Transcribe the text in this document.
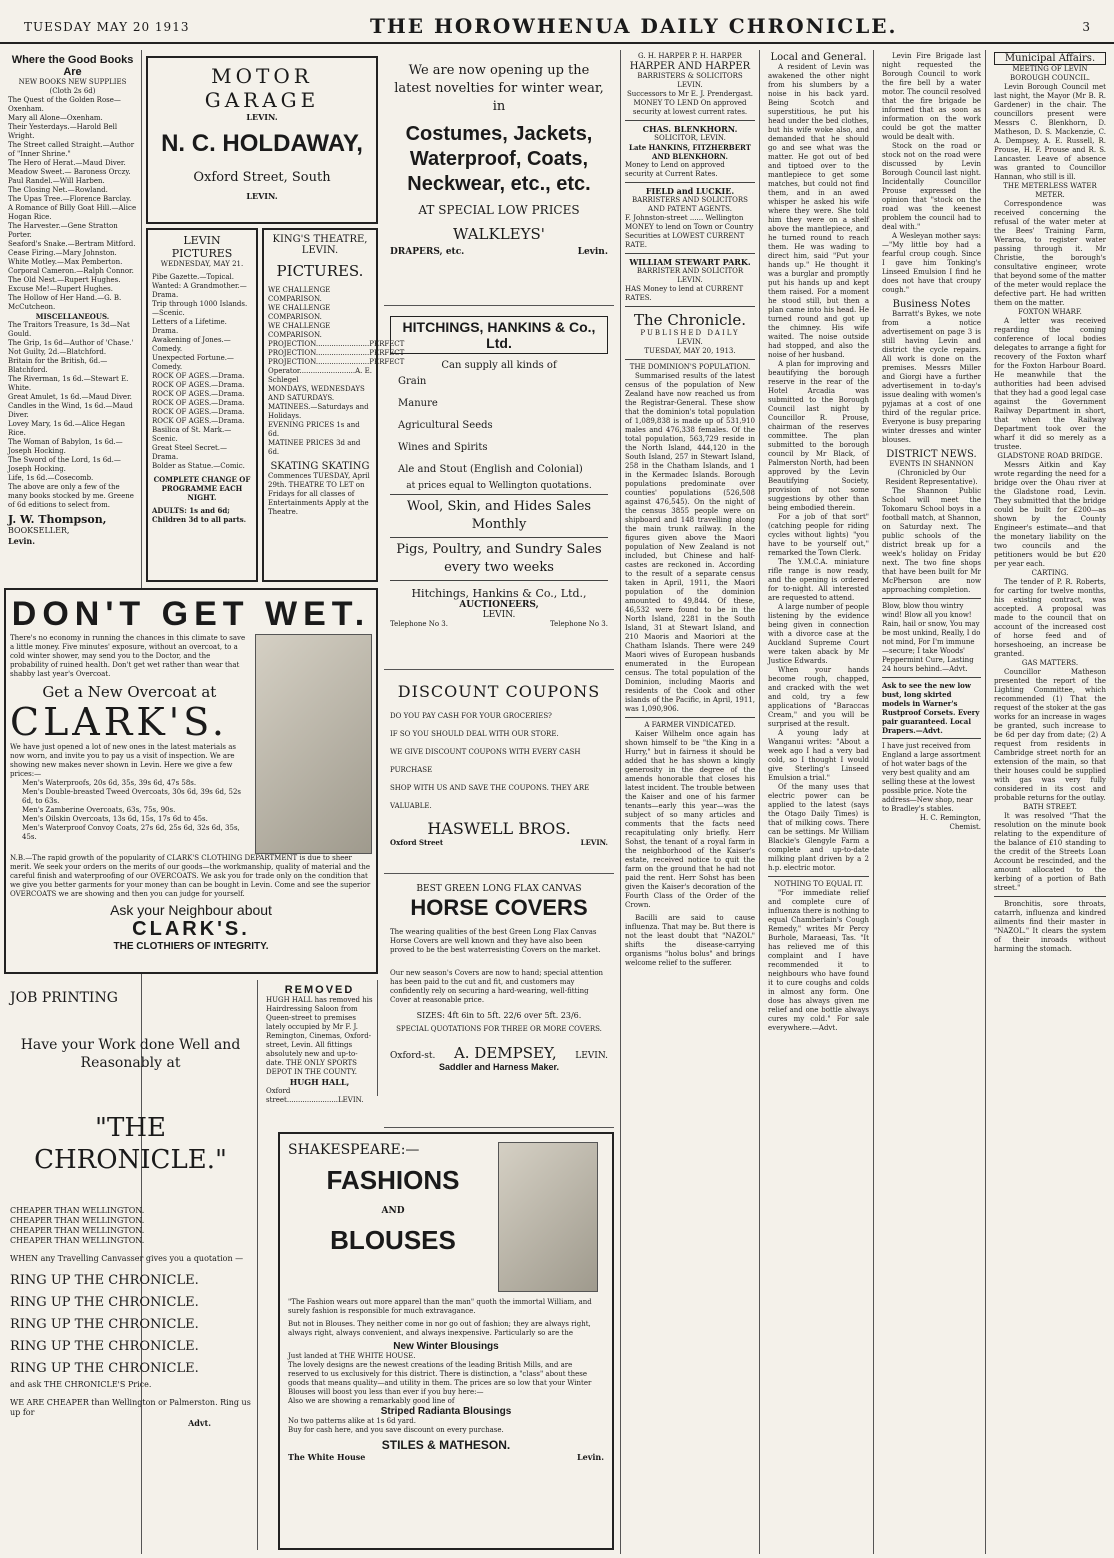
TUESDAY MAY 20 1913	THE HOROWHENUA DAILY CHRONICLE.	3
Where the Good Books Are
NEW BOOKS NEW SUPPLIES (Cloth 2s 6d)
The Quest of the Golden Rose—Oxenham.
Mary all Alone—Oxenham.
Their Yesterdays.—Harold Bell Wright.
The Street called Straight.—Author of "Inner Shrine."
The Hero of Herat.—Maud Diver.
Meadow Sweet.— Baroness Orczy.
Paul Randel.—Will Harben.
The Closing Net.—Rowland.
The Upas Tree.—Florence Barclay.
A Romance of Billy Goat Hill.—Alice Hogan Rice.
The Harvester.—Gene Stratton Porter.
Seaford's Snake.—Bertram Mitford.
Cease Firing.—Mary Johnston.
White Motley.—Max Pemberton.
Corporal Cameron.—Ralph Connor.
The Old Nest.—Rupert Hughes.
Excuse Me!—Rupert Hughes.
The Hollow of Her Hand.—G. B. McCutcheon.
MISCELLANEOUS.
The Traitors Treasure, 1s 3d—Nat Gould.
The Grip, 1s 6d—Author of 'Chase.'
Not Guilty, 2d.—Blatchford.
Britain for the British, 6d.—Blatchford.
The Riverman, 1s 6d.—Stewart E. White.
Great Amulet, 1s 6d.—Maud Diver.
Candles in the Wind, 1s 6d.—Maud Diver.
Lovey Mary, 1s 6d.—Alice Hegan Rice.
The Woman of Babylon, 1s 6d.—Joseph Hocking.
The Sword of the Lord, 1s 6d.—Joseph Hocking.
Life, 1s 6d.—Cosecomb.
The above are only a few of the many books stocked by me. Greene of 6d editions to select from.
J. W. Thompson,
BOOKSELLER,
Levin.
DON'T GET WET.
There's no economy in running the chances in this climate to save a little money. Five minutes' exposure, without an overcoat, to a cold winter shower, may send you to the Doctor, and the probability of ruined health. Don't get wet rather than wear that shabby last year's Overcoat.
Get a New Overcoat at
CLARK'S.
We have just opened a lot of new ones in the latest materials as now worn, and invite you to pay us a visit of inspection. We are showing new makes never shown in Levin. Here we give a few prices:—
Men's Waterproofs, 20s 6d, 35s, 39s 6d, 47s 58s.
Men's Double-breasted Tweed Overcoats, 30s 6d, 39s 6d, 52s 6d, to 63s.
Men's Zamberine Overcoats, 63s, 75s, 90s.
Men's Oilskin Overcoats, 13s 6d, 15s, 17s 6d to 45s.
Men's Waterproof Convoy Coats, 27s 6d, 25s 6d, 32s 6d, 35s, 45s.
N.B.—The rapid growth of the popularity of CLARK'S CLOTHING DEPARTMENT is due to sheer merit. We seek your orders on the merits of our goods—the workmanship, quality of material and the careful finish and waterproofing of our OVERCOATS. We ask you for trade only on the condition that we give you better garments for your money than can be bought in Levin. Come and see the superior OVERCOATS we are showing and then you can judge for yourself.
Ask your Neighbour about
CLARK'S.
THE CLOTHIERS OF INTEGRITY.
JOB PRINTING
Have your Work done Well and Reasonably at
"THE CHRONICLE."
CHEAPER THAN WELLINGTON.
CHEAPER THAN WELLINGTON.
CHEAPER THAN WELLINGTON.
CHEAPER THAN WELLINGTON.
WHEN any Travelling Canvasser gives you a quotation —
RING UP THE CHRONICLE.
RING UP THE CHRONICLE.
RING UP THE CHRONICLE.
RING UP THE CHRONICLE.
RING UP THE CHRONICLE.
and ask THE CHRONICLE'S Price.
WE ARE CHEAPER than Wellington or Palmerston. Ring us up for
Advt.
MOTOR GARAGE
LEVIN.
N. C. HOLDAWAY,
Oxford Street, South
LEVIN.
LEVIN PICTURES
WEDNESDAY, MAY 21.
Pibe Gazette.—Topical.
Wanted: A Grandmother.—Drama.
Trip through 1000 Islands.—Scenic.
Letters of a Lifetime. Drama.
Awakening of Jones.—Comedy.
Unexpected Fortune.—Comedy.
ROCK OF AGES.—Drama.
ROCK OF AGES.—Drama.
ROCK OF AGES.—Drama.
ROCK OF AGES.—Drama.
ROCK OF AGES.—Drama.
ROCK OF AGES.—Drama.
Basilica of St. Mark.—Scenic.
Great Steel Secret.—Drama.
Bolder as Statue.—Comic.
COMPLETE CHANGE OF PROGRAMME EACH NIGHT.
ADULTS: 1s and 6d; Children 3d to all parts.
KING'S THEATRE, LEVIN.
PICTURES.
WE CHALLENGE COMPARISON.
WE CHALLENGE COMPARISON.
WE CHALLENGE COMPARISON.
PROJECTION........................PERFECT
PROJECTION........................PERFECT
PROJECTION........................PERFECT
Operator.........................A. E. Schlegel
MONDAYS, WEDNESDAYS AND SATURDAYS.
MATINEES.—Saturdays and Holidays.
EVENING PRICES 1s and 6d.
MATINEE PRICES 3d and 6d.
SKATING SKATING
Commences TUESDAY, April 29th. THEATRE TO LET on Fridays for all classes of Entertainments Apply at the Theatre.
REMOVED
HUGH HALL has removed his Hairdressing Saloon from Queen-street to premises lately occupied by Mr F. J. Remington, Cinemas, Oxford-street, Levin. All fittings absolutely new and up-to-date. THE ONLY SPORTS DEPOT IN THE COUNTY.
HUGH HALL,
Oxford street.......................LEVIN.
We are now opening up the latest novelties for winter wear, in
Costumes, Jackets, Waterproof, Coats, Neckwear, etc., etc.
AT SPECIAL LOW PRICES
WALKLEYS'
DRAPERS, etc.	Levin.
HITCHINGS, HANKINS & Co., Ltd.
Can supply all kinds of
Grain
Manure
Agricultural Seeds
Wines and Spirits
Ale and Stout (English and Colonial)
at prices equal to Wellington quotations.
Wool, Skin, and Hides Sales Monthly
Pigs, Poultry, and Sundry Sales every two weeks
Hitchings, Hankins & Co., Ltd.,
AUCTIONEERS,
LEVIN.
Telephone No 3.	Telephone No 3.
DISCOUNT COUPONS
DO YOU PAY CASH FOR YOUR GROCERIES?
IF SO YOU SHOULD DEAL WITH OUR STORE.
WE GIVE DISCOUNT COUPONS WITH EVERY CASH PURCHASE
SHOP WITH US AND SAVE THE COUPONS. THEY ARE VALUABLE.
HASWELL BROS.
Oxford Street	LEVIN.
BEST GREEN LONG FLAX CANVAS
HORSE COVERS
The wearing qualities of the best Green Long Flax Canvas Horse Covers are well known and they have also been proved to be the best waterresisting Covers on the market.
Our new season's Covers are now to hand; special attention has been paid to the cut and fit, and customers may confidently rely on securing a hard-wearing, well-fitting Cover at reasonable price.
SIZES: 4ft 6in to 5ft. 22/6 over 5ft. 23/6.
SPECIAL QUOTATIONS FOR THREE OR MORE COVERS.
Oxford-st. A. DEMPSEY, LEVIN.
Saddler and Harness Maker.
SHAKESPEARE:—
FASHIONS
AND
BLOUSES
"The Fashion wears out more apparel than the man" quoth the immortal William, and surely fashion is responsible for much extravagance.
But not in Blouses. They neither come in nor go out of fashion; they are always right, always right, always convenient, and always inexpensive. Particularly so are the
New Winter Blousings
Just landed at THE WHITE HOUSE.
The lovely designs are the newest creations of the leading British Mills, and are reserved to us exclusively for this district. There is distinction, a "class" about these goods that means quality—and utility in them. The prices are so low that your Winter Blouses will boost you less than ever if you buy here:—
Also we are showing a remarkably good line of
Striped Radianta Blousings
No two patterns alike at 1s 6d yard.
Buy for cash here, and you save discount on every purchase.
STILES & MATHESON.
The White House	Levin.
G. H. HARPER P. H. HARPER
HARPER AND HARPER
BARRISTERS & SOLICITORS LEVIN.
Successors to Mr E. J. Prendergast. MONEY TO LEND On approved security at lowest current rates.
CHAS. BLENKHORN.
SOLICITOR, LEVIN.
Late HANKINS, FITZHERBERT AND BLENKHORN.
Money to Lend on approved security at Current Rates.
FIELD and LUCKIE.
BARRISTERS AND SOLICITORS AND PATENT AGENTS.
F. Johnston-street ...... Wellington MONEY to lend on Town or Country Securities at LOWEST CURRENT RATE.
WILLIAM STEWART PARK.
BARRISTER AND SOLICITOR LEVIN.
HAS Money to lend at CURRENT RATES.
The Chronicle.
PUBLISHED DAILY
LEVIN.
TUESDAY, MAY 20, 1913.
THE DOMINION'S POPULATION.
Summarised results of the latest census of the population of New Zealand have now reached us from the Registrar-General. These show that the dominion's total population of 1,089,838 is made up of 531,910 males and 476,338 females. Of the total population, 563,729 reside in the North Island, 444,120 in the South Island, 257 in Stewart Island, 258 in the Chatham Islands, and 1 in the Kermadec Islands. Borough populations predominate over counties' populations (526,508 against 476,545). On the night of the census 3855 people were on shipboard and 148 travelling along the main trunk railway. In the figures given above the Maori population of New Zealand is not included, but Chinese and half-castes are reckoned in. According to the result of a separate census taken in April, 1911, the Maori population of the dominion amounted to 49,844. Of these, 46,532 were found to be in the North Island, 2281 in the South Island, 31 at Stewart Island, and 210 Maoris and Maoriori at the Chatham Islands. There were 249 Maori wives of European husbands enumerated in the European census. The total population of the Dominion, including Maoris and residents of the Cook and other islands of the Pacific, in April, 1911, was 1,090,906.
A FARMER VINDICATED.
Kaiser Wilhelm once again has shown himself to be "the King in a Hurry," but in fairness it should be added that he has shown a kingly generosity in the degree of the amends honorable that closes his latest incident. The trouble between the Kaiser and one of his farmer tenants—early this year—was the subject of so many articles and comments that the facts need recapitulating only briefly. Herr Sohst, the tenant of a royal farm in the neighborhood of the Kaiser's estate, received notice to quit the farm on the ground that he had not paid the rent. Herr Sohst has been given the Kaiser's decoration of the Fourth Class of the Order of the Crown.
Bacilli are said to cause influenza. That may be. But there is not the least doubt that "NAZOL" shifts the disease-carrying organisms "holus bolus" and brings welcome relief to the sufferer.
Local and General.
A resident of Levin was awakened the other night from his slumbers by a noise in his back yard. Being Scotch and superstitious, he put his head under the bed clothes, but his wife woke also, and demanded that he should go and see what was the matter. He got out of bed and tiptoed over to the mantlepiece to get some matches, but could not find them, and in an awed whisper he asked his wife where they were. She told him they were on a shelf above the mantlepiece, and he turned round to reach them. He was wading to direct him, said "Put your hands up." He thought it was a burglar and promptly put his hands up and kept them raised. For a moment he stood still, but then a plan came into his head. He turned round and got up the chimney. His wife waited. The noise outside had stopped, and also the noise of her husband.
A plan for improving and beautifying the borough reserve in the rear of the Hotel Arcadia was submitted to the Borough Council last night by Councillor R. Prouse, chairman of the reserves committee. The plan submitted to the borough council by Mr Black, of Palmerston North, had been approved by the Levin Beautifying Society, provision of not some suggestions by other than being embodied therein.
For a job of that sort" (catching people for riding cycles without lights) "you have to be yourself out," remarked the Town Clerk.
The Y.M.C.A. miniature rifle range is now ready, and the opening is ordered for to-night. All interested are requested to attend.
A large number of people listening by the evidence being given in connection with a divorce case at the Auckland Supreme Court were taken aback by Mr Justice Edwards.
When your hands become rough, chapped, and cracked with the wet and cold, try a few applications of "Baraccas Cream," and you will be surprised at the result.
A young lady at Wanganui writes: "About a week ago I had a very bad cold, so I thought I would give Sterling's Linseed Emulsion a trial."
Of the many uses that electric power can be applied to the latest (says the Otago Daily Times) is that of milking cows. There can be settings. Mr William Blackie's Glengyle Farm a complete and up-to-date milking plant driven by a 2 h.p. electric motor.
NOTHING TO EQUAL IT.
"For immediate relief and complete cure of influenza there is nothing to equal Chamberlain's Cough Remedy," writes Mr Percy Burhole, Maraeasi, Tas. "It has relieved me of this complaint and I have recommended it to neighbours who have found it to cure coughs and colds in almost any form. One dose has always given me relief and one bottle always cures my cold." For sale everywhere.—Advt.
Levin Fire Brigade last night requested the Borough Council to work the fire bell by a water motor. The council resolved that the fire brigade be informed that as soon as information on the work could be got the matter would be dealt with.
Stock on the road or stock not on the road were discussed by Levin Borough Council last night. Incidentally Councillor Prouse expressed the opinion that "stock on the road was the keenest problem the council had to deal with."
A Wesleyan mother says:—"My little boy had a fearful croup cough. Since I gave him Tonking's Linseed Emulsion I find he does not have that croupy cough."
Business Notes
Barratt's Bykes, we note from a notice advertisement on page 3 is still having Levin and district the cycle repairs. All work is done on the premises. Messrs Miller and Giorgi have a further advertisement in to-day's issue dealing with women's pyjamas at a cost of one third of the regular price. Everyone is busy preparing winter dresses and winter blouses.
DISTRICT NEWS.
EVENTS IN SHANNON
(Chronicled by Our Resident Representative).
The Shannon Public School will meet the Tokomaru School boys in a football match, at Shannon, on Saturday next. The public schools of the district break up for a week's holiday on Friday next. The two fine shops that have been built for Mr McPherson are now approaching completion.
Blow, blow thou wintry wind! Blow all you know! Rain, hail or snow, You may be most unkind, Really, I do not mind, For I'm immune—secure; I take Woods' Peppermint Cure, Lasting 24 hours behind.—Advt.
Ask to see the new low bust, long skirted models in Warner's Rustproof Corsets. Every pair guaranteed. Local Drapers.—Advt.
I have just received from England a large assortment of hot water bags of the very best quality and am selling these at the lowest possible price. Note the address—New shop, near to Bradley's stables.
H. C. Remington,
Chemist.
Municipal Affairs.
MEETING OF LEVIN BOROUGH COUNCIL.
Levin Borough Council met last night, the Mayor (Mr B. R. Gardener) in the chair. The councillors present were Messrs C. Blenkhorn, D. Matheson, D. S. Mackenzie, C. A. Dempsey, A. E. Russell, R. Prouse, H. F. Prouse and R. S. Lancaster. Leave of absence was granted to Councillor Hannan, who still is ill.
THE METERLESS WATER METER.
Correspondence was received concerning the refusal of the water meter at the Bees' Training Farm, Weraroa, to register water passing through it. Mr Christie, the borough's consultative engineer, wrote that beyond some of the matter of the meter would replace the defective part. He had written them on the matter.
FOXTON WHARF.
A letter was received regarding the coming conference of local bodies delegates to arrange a fight for recovery of the Foxton wharf for the Foxton Harbour Board. He meanwhile that the authorities had been advised that they had a good legal case against the Government Railway Department in short, that when the Railway Department took over the wharf it did so merely as a trustee.
GLADSTONE ROAD BRIDGE.
Messrs Aitkin and Kay wrote regarding the need for a bridge over the Ohau river at the Gladstone road, Levin. They submitted that the bridge could be built for £200—as shown by the County Engineer's estimate—and that the monetary liability on the two councils and the petitioners would be but £20 per year each.
CARTING.
The tender of P. R. Roberts, for carting for twelve months, his existing contract, was accepted. A proposal was made to the council that on account of the increased cost of horse feed and of horseshoeing, an increase be granted.
GAS MATTERS.
Councillor Matheson presented the report of the Lighting Committee, which recommended (1) That the request of the stoker at the gas works for an increase in wages be granted, such increase to be 6d per day from date; (2) A request from residents in Cambridge street north for an extension of the main, so that their houses could be supplied with gas was very fully considered in its cost and probable returns for the outlay.
BATH STREET.
It was resolved "That the resolution on the minute book relating to the expenditure of the balance of £10 standing to the credit of the Streets Loan Account be rescinded, and the amount allocated to the kerbing of a portion of Bath street."
Bronchitis, sore throats, catarrh, influenza and kindred ailments find their master in "NAZOL." It clears the system of their inroads without harming the stomach.
